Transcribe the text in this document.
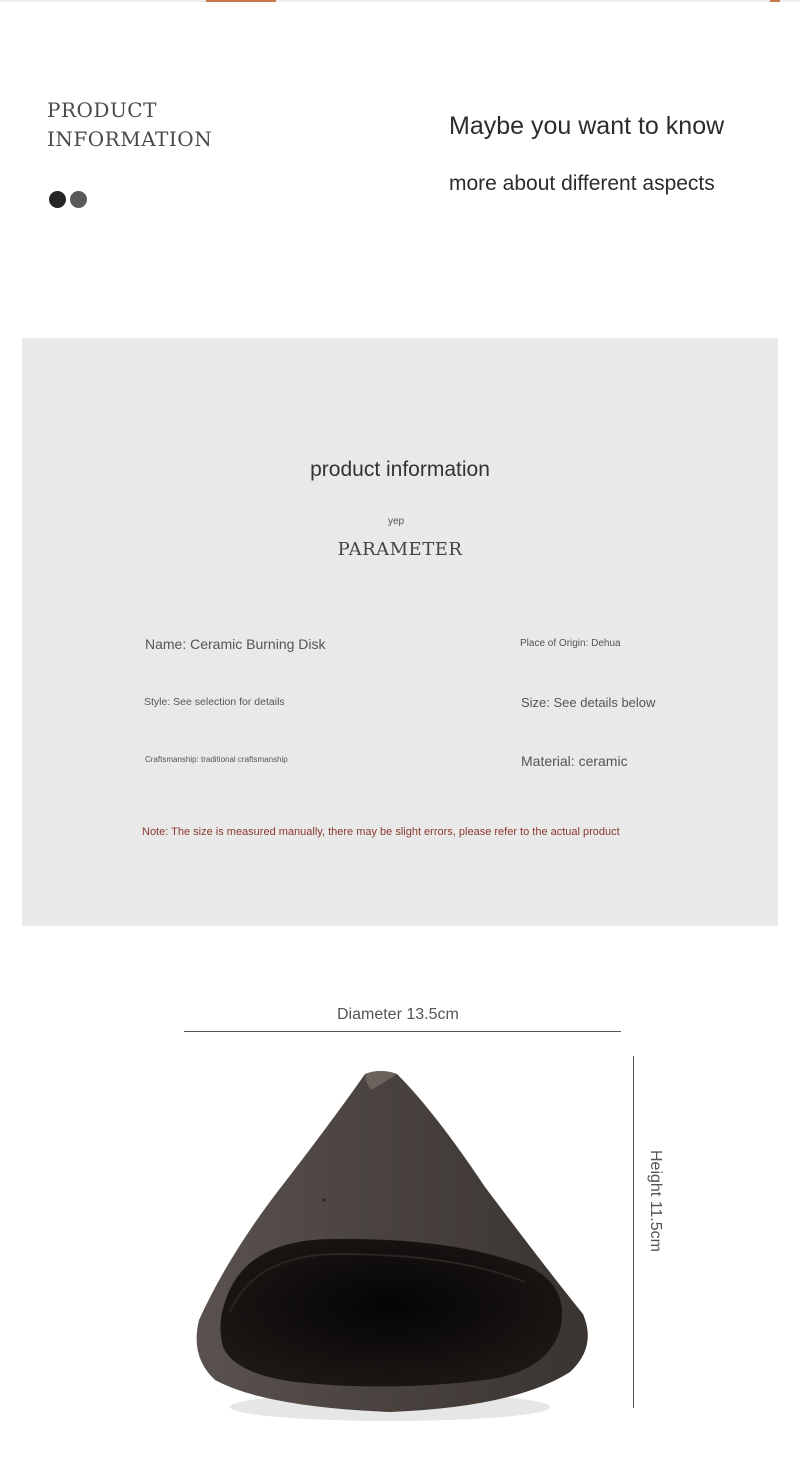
PRODUCT
INFORMATION	Maybe you want to know
more about different aspects
product information
yep
PARAMETER
Name: Ceramic Burning Disk	Place of Origin: Dehua
Style: See selection for details	Size: See details below
Craftsmanship: traditional craftsmanship	Material: ceramic
Note: The size is measured manually, there may be slight errors, please refer to the actual product
Diameter 13.5cm
Height 11.5cm
